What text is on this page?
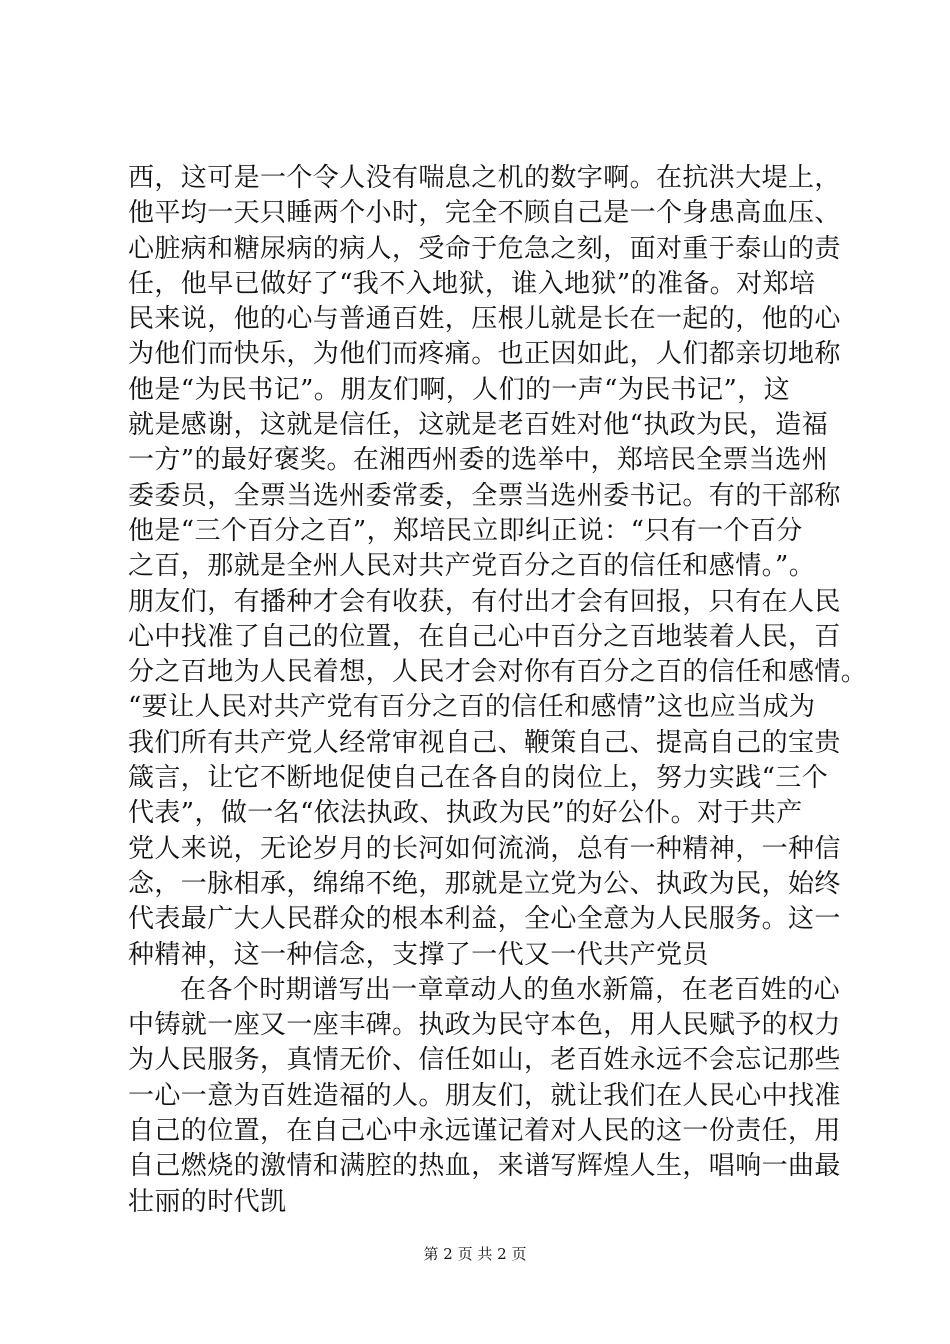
西，这可是一个令人没有喘息之机的数字啊。在抗洪大堤上，
他平均一天只睡两个小时，完全不顾自己是一个身患高血压、
心脏病和糖尿病的病人，受命于危急之刻，面对重于泰山的责
任，他早已做好了“我不入地狱，谁入地狱”的准备。对郑培
民来说，他的心与普通百姓，压根儿就是长在一起的，他的心
为他们而快乐，为他们而疼痛。也正因如此，人们都亲切地称
他是“为民书记”。朋友们啊，人们的一声“为民书记”，这
就是感谢，这就是信任，这就是老百姓对他“执政为民，造福
一方”的最好褒奖。在湘西州委的选举中，郑培民全票当选州
委委员，全票当选州委常委，全票当选州委书记。有的干部称
他是“三个百分之百”，郑培民立即纠正说：“只有一个百分
之百，那就是全州人民对共产党百分之百的信任和感情。”。
朋友们，有播种才会有收获，有付出才会有回报，只有在人民
心中找准了自己的位置，在自己心中百分之百地装着人民，百
分之百地为人民着想，人民才会对你有百分之百的信任和感情。
“要让人民对共产党有百分之百的信任和感情”这也应当成为
我们所有共产党人经常审视自己、鞭策自己、提高自己的宝贵
箴言，让它不断地促使自己在各自的岗位上，努力实践“三个
代表”，做一名“依法执政、执政为民”的好公仆。对于共产
党人来说，无论岁月的长河如何流淌，总有一种精神，一种信
念，一脉相承，绵绵不绝，那就是立党为公、执政为民，始终
代表最广大人民群众的根本利益，全心全意为人民服务。这一
种精神，这一种信念，支撑了一代又一代共产党员
在各个时期谱写出一章章动人的鱼水新篇，在老百姓的心
中铸就一座又一座丰碑。执政为民守本色，用人民赋予的权力
为人民服务，真情无价、信任如山，老百姓永远不会忘记那些
一心一意为百姓造福的人。朋友们，就让我们在人民心中找准
自己的位置，在自己心中永远谨记着对人民的这一份责任，用
自己燃烧的激情和满腔的热血，来谱写辉煌人生，唱响一曲最
壮丽的时代凯
第 2 页 共 2 页
